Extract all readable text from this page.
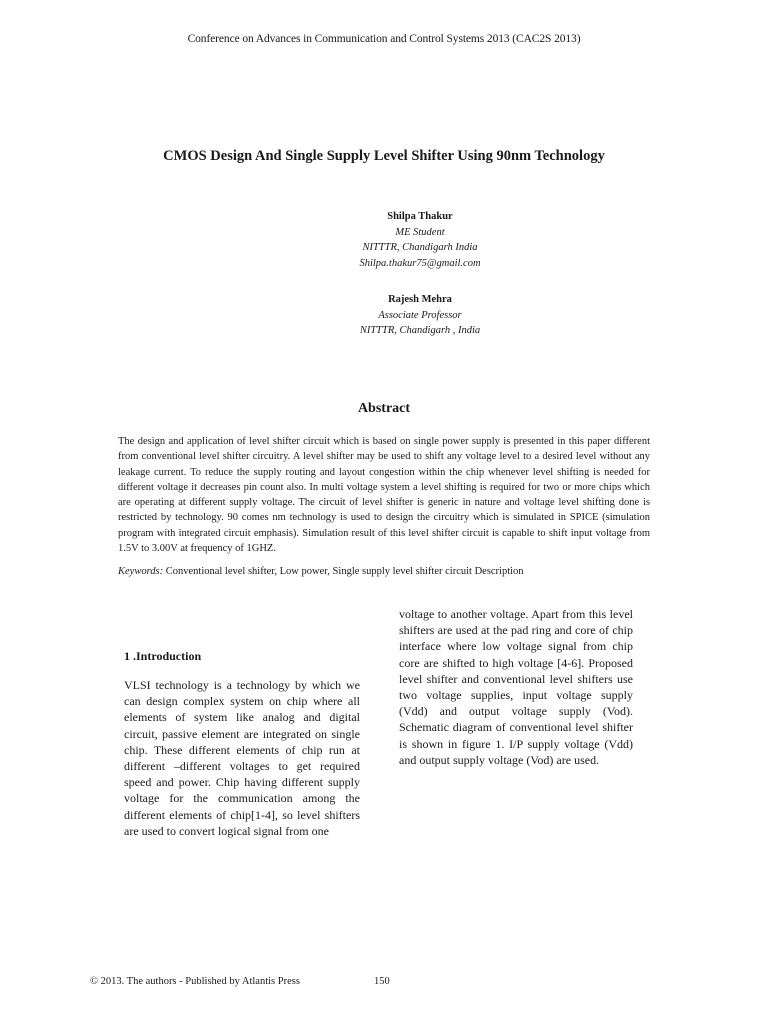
Conference on Advances in Communication and Control Systems 2013 (CAC2S 2013)
CMOS Design And Single Supply Level Shifter Using 90nm Technology
Shilpa Thakur
ME Student
NITTTR, Chandigarh India
Shilpa.thakur75@gmail.com
Rajesh Mehra
Associate Professor
NITTTR, Chandigarh , India
Abstract

The design and application of level shifter circuit which is based on single power supply is presented in this paper different from conventional level shifter circuitry. A level shifter may be used to shift any voltage level to a desired level without any leakage current. To reduce the supply routing and layout congestion within the chip whenever level shifting is needed for different voltage it decreases pin count also. In multi voltage system a level shifting is required for two or more chips which are operating at different supply voltage. The circuit of level shifter is generic in nature and voltage level shifting done is restricted by technology. 90 comes nm technology is used to design the circuitry which is simulated in SPICE (simulation program with integrated circuit emphasis). Simulation result of this level shifter circuit is capable to shift input voltage from 1.5V to 3.00V at frequency of 1GHZ.

Keywords: Conventional level shifter, Low power, Single supply level shifter circuit Description
1 .Introduction

VLSI technology is a technology by which we can design complex system on chip where all elements of system like analog and digital circuit, passive element are integrated on single chip. These different elements of chip run at different –different voltages to get required speed and power. Chip having different supply voltage for the communication among the different elements of chip[1-4], so level shifters are used to convert logical signal from one

voltage to another voltage. Apart from this level shifters are used at the pad ring and core of chip interface where low voltage signal from chip core are shifted to high voltage [4-6]. Proposed level shifter and conventional level shifters use two voltage supplies, input voltage supply (Vdd) and output voltage supply (Vod). Schematic diagram of conventional level shifter is shown in figure 1. I/P supply voltage (Vdd) and output supply voltage (Vod) are used.

© 2013. The authors - Published by Atlantis Press	150
